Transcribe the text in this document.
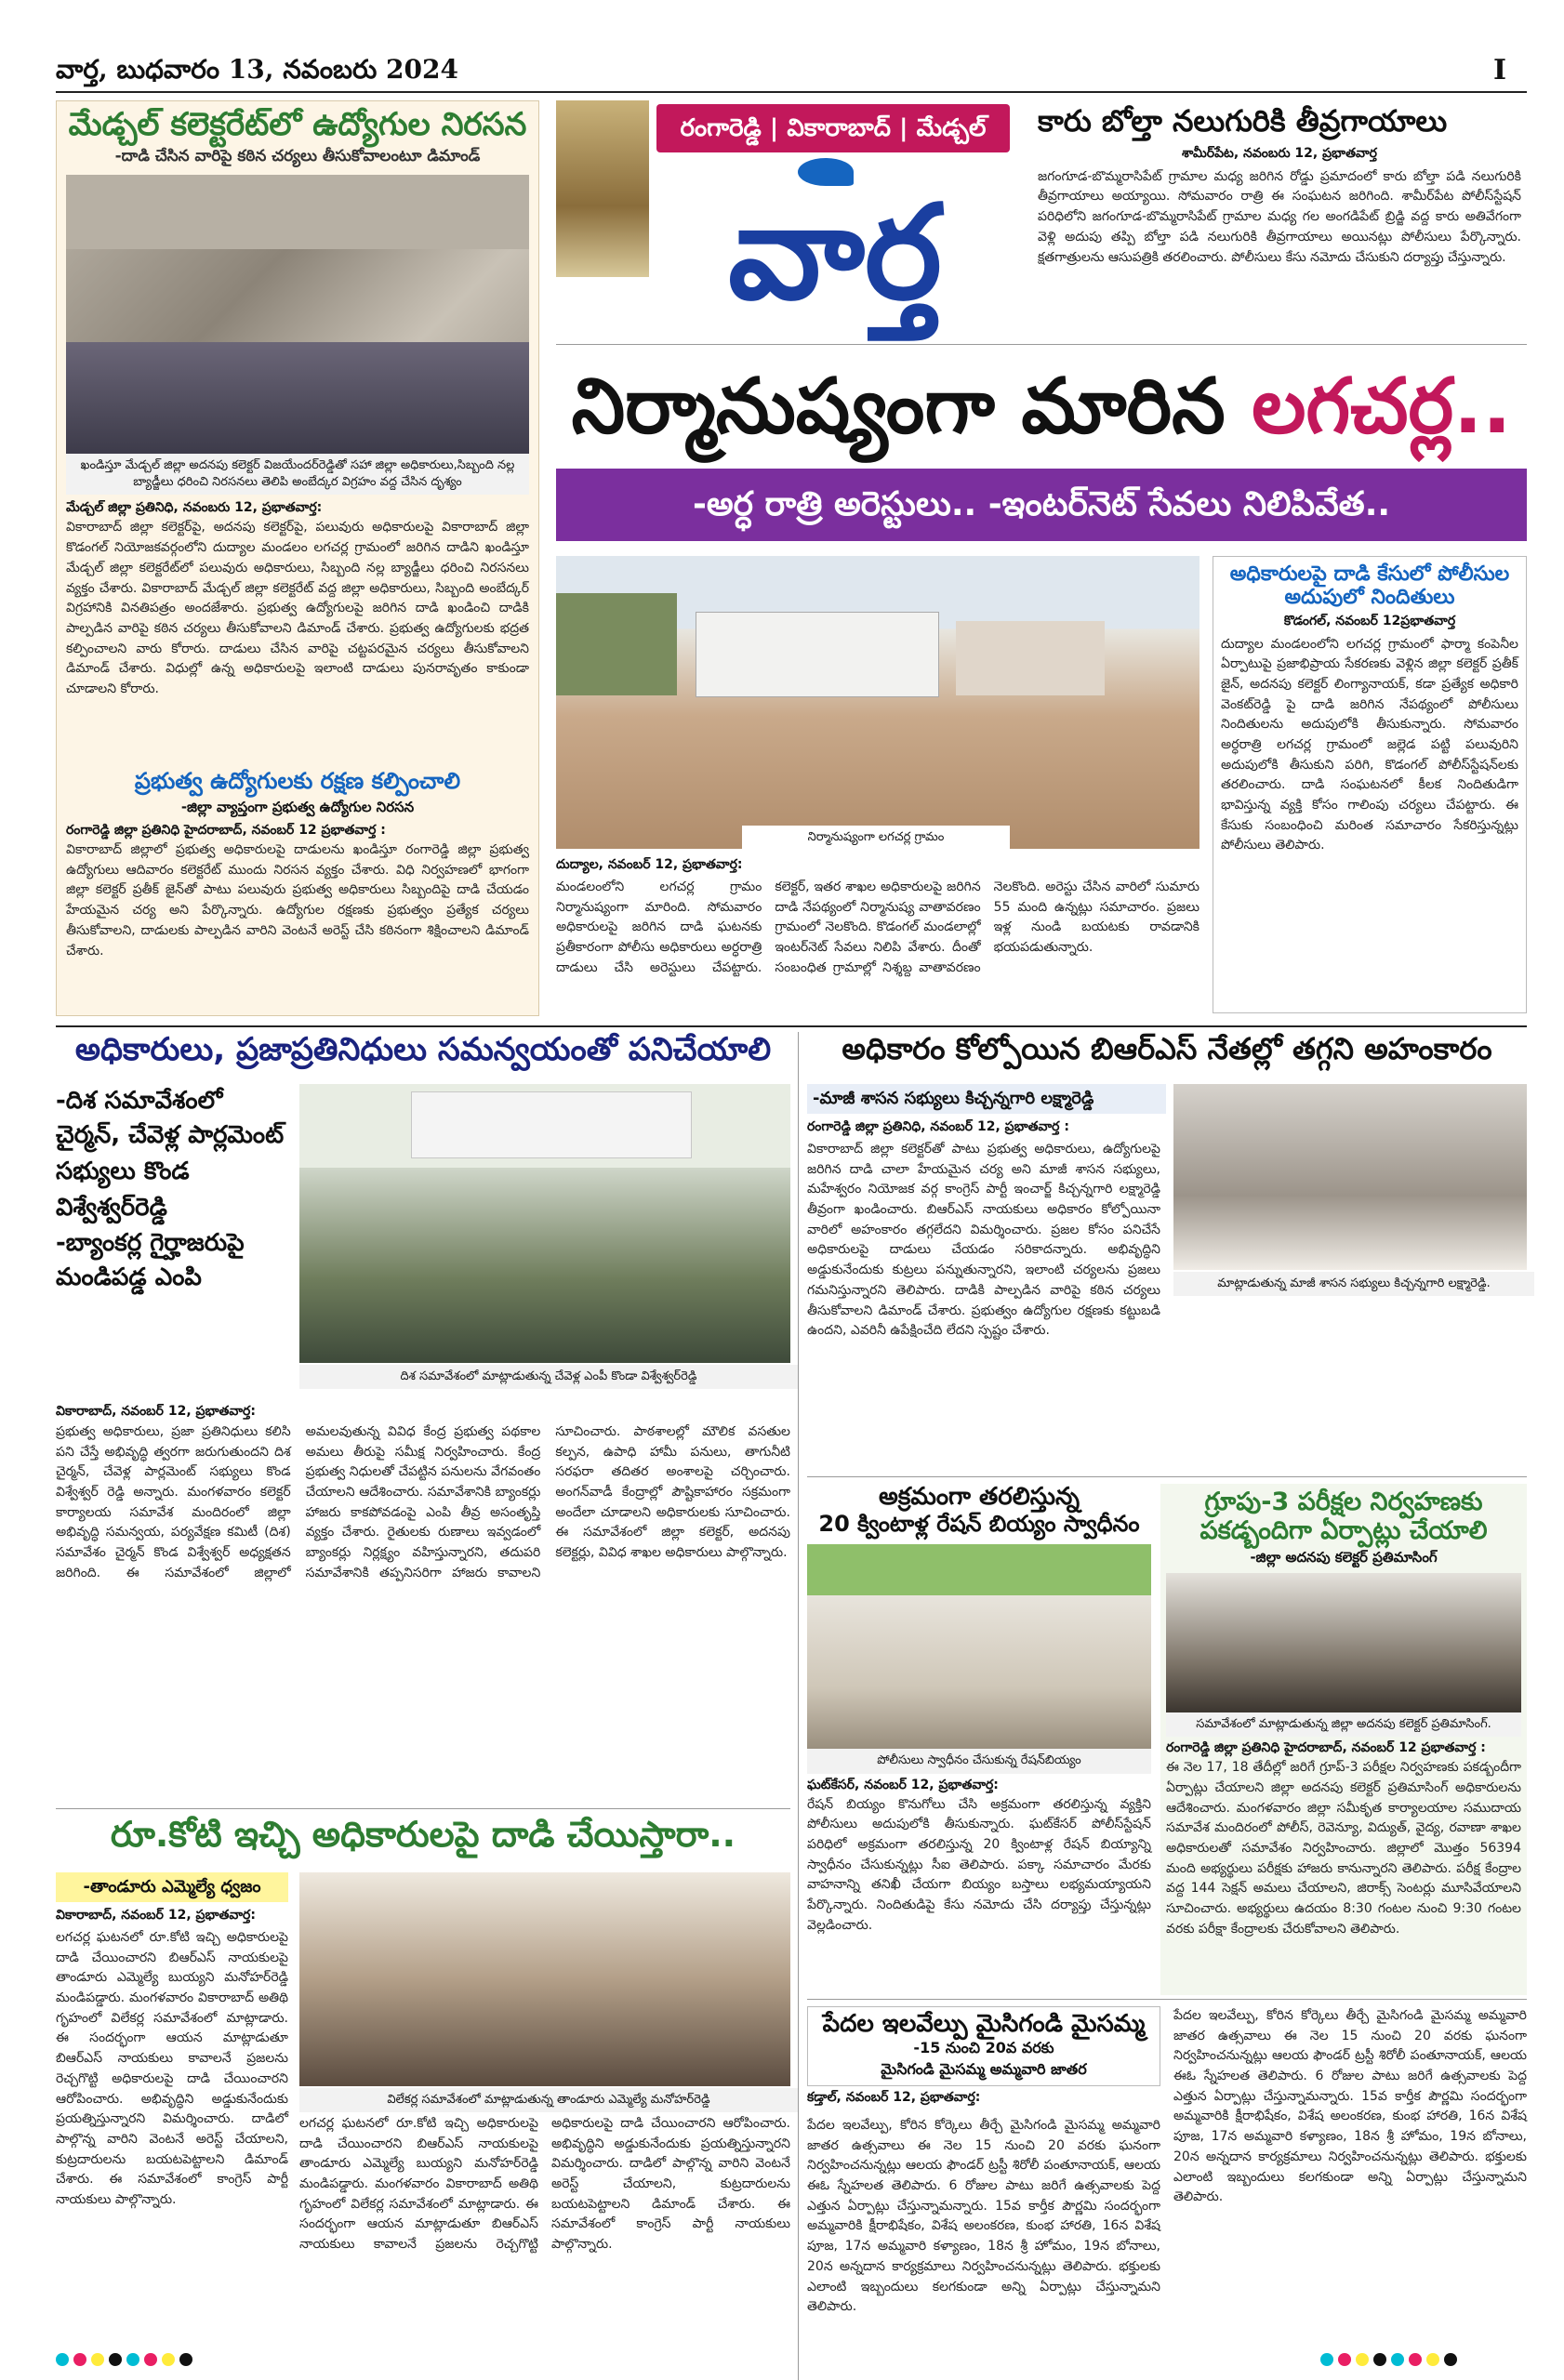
వార్త, బుధవారం 13, నవంబరు 2024	I
మేడ్చల్ కలెక్టరేట్‌లో ఉద్యోగుల నిరసన
-దాడి చేసిన వారిపై కఠిన చర్యలు తీసుకోవాలంటూ డిమాండ్
ఖండిస్తూ మేడ్చల్ జిల్లా అదనపు కలెక్టర్ విజయేందర్‌రెడ్డితో సహా జిల్లా అధికారులు,సిబ్బంది నల్ల బ్యాడ్జీలు ధరించి నిరసనలు తెలిపి అంబేద్కర విగ్రహం వద్ద చేసిన దృశ్యం
మేడ్చల్ జిల్లా ప్రతినిధి, నవంబరు 12, ప్రభాతవార్త:
వికారాబాద్ జిల్లా కలెక్టర్‌పై, అదనపు కలెక్టర్‌పై, పలువురు అధికారులపై వికారాబాద్ జిల్లా కొడంగల్ నియోజకవర్గంలోని దుద్యాల మండలం లగచర్ల గ్రామంలో జరిగిన దాడిని ఖండిస్తూ మేడ్చల్ జిల్లా కలెక్టరేట్‌లో పలువురు అధికారులు, సిబ్బంది నల్ల బ్యాడ్జీలు ధరించి నిరసనలు వ్యక్తం చేశారు. వికారాబాద్ మేడ్చల్ జిల్లా కలెక్టరేట్ వద్ద జిల్లా అధికారులు, సిబ్బంది అంబేద్కర్ విగ్రహానికి వినతిపత్రం అందజేశారు. ప్రభుత్వ ఉద్యోగులపై జరిగిన దాడి ఖండించి దాడికి పాల్పడిన వారిపై కఠిన చర్యలు తీసుకోవాలని డిమాండ్ చేశారు. ప్రభుత్వ ఉద్యోగులకు భద్రత కల్పించాలని వారు కోరారు. దాడులు చేసిన వారిపై చట్టపరమైన చర్యలు తీసుకోవాలని డిమాండ్ చేశారు. విధుల్లో ఉన్న అధికారులపై ఇలాంటి దాడులు పునరావృతం కాకుండా చూడాలని కోరారు.
ప్రభుత్వ ఉద్యోగులకు రక్షణ కల్పించాలి
-జిల్లా వ్యాప్తంగా ప్రభుత్వ ఉద్యోగుల నిరసన
రంగారెడ్డి జిల్లా ప్రతినిధి హైదరాబాద్, నవంబర్ 12 ప్రభాతవార్త :
వికారాబాద్ జిల్లాలో ప్రభుత్వ అధికారులపై దాడులను ఖండిస్తూ రంగారెడ్డి జిల్లా ప్రభుత్వ ఉద్యోగులు ఆదివారం కలెక్టరేట్ ముందు నిరసన వ్యక్తం చేశారు. విధి నిర్వహణలో భాగంగా జిల్లా కలెక్టర్ ప్రతీక్ జైన్‌తో పాటు పలువురు ప్రభుత్వ అధికారులు సిబ్బందిపై దాడి చేయడం హేయమైన చర్య అని పేర్కొన్నారు. ఉద్యోగుల రక్షణకు ప్రభుత్వం ప్రత్యేక చర్యలు తీసుకోవాలని, దాడులకు పాల్పడిన వారిని వెంటనే అరెస్ట్ చేసి కఠినంగా శిక్షించాలని డిమాండ్ చేశారు.
రంగారెడ్డి | వికారాబాద్ | మేడ్చల్
వార్త
కారు బోల్తా నలుగురికి తీవ్రగాయాలు
శామీర్‌పేట, నవంబరు 12, ప్రభాతవార్త
జగంగూడ-బొమ్మరాసిపేట్ గ్రామాల మధ్య జరిగిన రోడ్డు ప్రమాదంలో కారు బోల్తా పడి నలుగురికి తీవ్రగాయాలు అయ్యాయి. సోమవారం రాత్రి ఈ సంఘటన జరిగింది. శామీర్‌పేట పోలీస్‌స్టేషన్ పరిధిలోని జగంగూడ-బొమ్మరాసిపేట్ గ్రామాల మధ్య గల అంగడిపేట్ బ్రిడ్జి వద్ద కారు అతివేగంగా వెళ్లి అదుపు తప్పి బోల్తా పడి నలుగురికి తీవ్రగాయాలు అయినట్లు పోలీసులు పేర్కొన్నారు. క్షతగాత్రులను ఆసుపత్రికి తరలించారు. పోలీసులు కేసు నమోదు చేసుకుని దర్యాప్తు చేస్తున్నారు.
నిర్మానుష్యంగా మారిన లగచర్ల..
-అర్ధ రాత్రి అరెస్టులు.. -ఇంటర్‌నెట్ సేవలు నిలిపివేత..
నిర్మానుష్యంగా లగచర్ల గ్రామం
దుద్యాల, నవంబర్ 12, ప్రభాతవార్త:
మండలంలోని లగచర్ల గ్రామం నిర్మానుష్యంగా మారింది. సోమవారం అధికారులపై జరిగిన దాడి ఘటనకు ప్రతీకారంగా పోలీసు అధికారులు అర్ధరాత్రి దాడులు చేసి అరెస్టులు చేపట్టారు. కలెక్టర్, ఇతర శాఖల అధికారులపై జరిగిన దాడి నేపథ్యంలో నిర్మానుష్య వాతావరణం గ్రామంలో నెలకొంది. కొడంగల్ మండలాల్లో ఇంటర్‌నెట్ సేవలు నిలిపి వేశారు. దీంతో సంబంధిత గ్రామాల్లో నిశ్శబ్ద వాతావరణం నెలకొంది. అరెస్టు చేసిన వారిలో సుమారు 55 మంది ఉన్నట్లు సమాచారం. ప్రజలు ఇళ్ల నుండి బయటకు రావడానికి భయపడుతున్నారు.
అధికారులపై దాడి కేసులో పోలీసుల అదుపులో నిందితులు
కొడంగల్, నవంబర్ 12ప్రభాతవార్త
దుద్యాల మండలంలోని లగచర్ల గ్రామంలో ఫార్మా కంపెనీల ఏర్పాటుపై ప్రజాభిప్రాయ సేకరణకు వెళ్లిన జిల్లా కలెక్టర్ ప్రతీక్ జైన్, అదనపు కలెక్టర్ లింగ్యానాయక్, కడా ప్రత్యేక అధికారి వెంకట్‌రెడ్డి పై దాడి జరిగిన నేపథ్యంలో పోలీసులు నిందితులను అదుపులోకి తీసుకున్నారు. సోమవారం అర్ధరాత్రి లగచర్ల గ్రామంలో జల్లెడ పట్టి పలువురిని అదుపులోకి తీసుకుని పరిగి, కొడంగల్ పోలీస్‌స్టేషన్‌లకు తరలించారు. దాడి సంఘటనలో కీలక నిందితుడిగా భావిస్తున్న వ్యక్తి కోసం గాలింపు చర్యలు చేపట్టారు. ఈ కేసుకు సంబంధించి మరింత సమాచారం సేకరిస్తున్నట్లు పోలీసులు తెలిపారు.
అధికారులు, ప్రజాప్రతినిధులు సమన్వయంతో పనిచేయాలి
-దిశ సమావేశంలో
చైర్మన్, చేవెళ్ల పార్లమెంట్ సభ్యులు కొండ విశ్వేశ్వర్‌రెడ్డి
-బ్యాంకర్ల గైర్హాజరుపై మండిపడ్డ ఎంపి
దిశ సమావేశంలో మాట్లాడుతున్న చేవెళ్ల ఎంపీ కొండా విశ్వేశ్వర్‌రెడ్డి
వికారాబాద్, నవంబర్ 12, ప్రభాతవార్త:
ప్రభుత్వ అధికారులు, ప్రజా ప్రతినిధులు కలిసి పని చేస్తే అభివృద్ధి త్వరగా జరుగుతుందని దిశ చైర్మన్, చేవెళ్ల పార్లమెంట్ సభ్యులు కొండ విశ్వేశ్వర్ రెడ్డి అన్నారు. మంగళవారం కలెక్టర్ కార్యాలయ సమావేశ మందిరంలో జిల్లా అభివృద్ధి సమన్వయ, పర్యవేక్షణ కమిటీ (దిశ) సమావేశం చైర్మన్ కొండ విశ్వేశ్వర్ అధ్యక్షతన జరిగింది. ఈ సమావేశంలో జిల్లాలో అమలవుతున్న వివిధ కేంద్ర ప్రభుత్వ పథకాల అమలు తీరుపై సమీక్ష నిర్వహించారు. కేంద్ర ప్రభుత్వ నిధులతో చేపట్టిన పనులను వేగవంతం చేయాలని ఆదేశించారు. సమావేశానికి బ్యాంకర్లు హాజరు కాకపోవడంపై ఎంపి తీవ్ర అసంతృప్తి వ్యక్తం చేశారు. రైతులకు రుణాలు ఇవ్వడంలో బ్యాంకర్లు నిర్లక్ష్యం వహిస్తున్నారని, తదుపరి సమావేశానికి తప్పనిసరిగా హాజరు కావాలని సూచించారు. పాఠశాలల్లో మౌలిక వసతుల కల్పన, ఉపాధి హామీ పనులు, తాగునీటి సరఫరా తదితర అంశాలపై చర్చించారు. అంగన్‌వాడీ కేంద్రాల్లో పౌష్టికాహారం సక్రమంగా అందేలా చూడాలని అధికారులకు సూచించారు. ఈ సమావేశంలో జిల్లా కలెక్టర్, అదనపు కలెక్టర్లు, వివిధ శాఖల అధికారులు పాల్గొన్నారు.
అధికారం కోల్పోయిన బిఆర్ఎస్ నేతల్లో తగ్గని అహంకారం
-మాజీ శాసన సభ్యులు కిచ్చన్నగారి లక్ష్మారెడ్డి
రంగారెడ్డి జిల్లా ప్రతినిధి, నవంబర్ 12, ప్రభాతవార్త :
వికారాబాద్ జిల్లా కలెక్టర్‌తో పాటు ప్రభుత్వ అధికారులు, ఉద్యోగులపై జరిగిన దాడి చాలా హేయమైన చర్య అని మాజీ శాసన సభ్యులు, మహేశ్వరం నియోజక వర్గ కాంగ్రెస్ పార్టీ ఇంచార్జ్ కిచ్చన్నగారి లక్ష్మారెడ్డి తీవ్రంగా ఖండించారు. బిఆర్ఎస్ నాయకులు అధికారం కోల్పోయినా వారిలో అహంకారం తగ్గలేదని విమర్శించారు. ప్రజల కోసం పనిచేసే అధికారులపై దాడులు చేయడం సరికాదన్నారు. అభివృద్ధిని అడ్డుకునేందుకు కుట్రలు పన్నుతున్నారని, ఇలాంటి చర్యలను ప్రజలు గమనిస్తున్నారని తెలిపారు. దాడికి పాల్పడిన వారిపై కఠిన చర్యలు తీసుకోవాలని డిమాండ్ చేశారు. ప్రభుత్వం ఉద్యోగుల రక్షణకు కట్టుబడి ఉందని, ఎవరినీ ఉపేక్షించేది లేదని స్పష్టం చేశారు.
మాట్లాడుతున్న మాజీ శాసన సభ్యులు కిచ్చన్నగారి లక్ష్మారెడ్డి.
అక్రమంగా తరలిస్తున్న
20 క్వింటాళ్ల రేషన్ బియ్యం స్వాధీనం
పోలీసులు స్వాధీనం చేసుకున్న రేషన్‌బియ్యం
ఘట్‌కేసర్, నవంబర్ 12, ప్రభాతవార్త:
రేషన్ బియ్యం కొనుగోలు చేసి అక్రమంగా తరలిస్తున్న వ్యక్తిని పోలీసులు అదుపులోకి తీసుకున్నారు. ఘట్‌కేసర్ పోలీస్‌స్టేషన్ పరిధిలో అక్రమంగా తరలిస్తున్న 20 క్వింటాళ్ల రేషన్ బియ్యాన్ని స్వాధీనం చేసుకున్నట్లు సీఐ తెలిపారు. పక్కా సమాచారం మేరకు వాహనాన్ని తనిఖీ చేయగా బియ్యం బస్తాలు లభ్యమయ్యాయని పేర్కొన్నారు. నిందితుడిపై కేసు నమోదు చేసి దర్యాప్తు చేస్తున్నట్లు వెల్లడించారు.
గ్రూపు-3 పరీక్షల నిర్వహణకు
పకడ్బందిగా ఏర్పాట్లు చేయాలి
-జిల్లా అదనపు కలెక్టర్ ప్రతిమాసింగ్
సమావేశంలో మాట్లాడుతున్న జిల్లా అదనపు కలెక్టర్ ప్రతిమాసింగ్.
రంగారెడ్డి జిల్లా ప్రతినిధి హైదరాబాద్, నవంబర్ 12 ప్రభాతవార్త :
ఈ నెల 17, 18 తేదీల్లో జరిగే గ్రూప్-3 పరీక్షల నిర్వహణకు పకడ్బందీగా ఏర్పాట్లు చేయాలని జిల్లా అదనపు కలెక్టర్ ప్రతిమాసింగ్ అధికారులను ఆదేశించారు. మంగళవారం జిల్లా సమీకృత కార్యాలయాల సముదాయ సమావేశ మందిరంలో పోలీస్, రెవెన్యూ, విద్యుత్, వైద్య, రవాణా శాఖల అధికారులతో సమావేశం నిర్వహించారు. జిల్లాలో మొత్తం 56394 మంది అభ్యర్థులు పరీక్షకు హాజరు కానున్నారని తెలిపారు. పరీక్ష కేంద్రాల వద్ద 144 సెక్షన్ అమలు చేయాలని, జిరాక్స్ సెంటర్లు మూసివేయాలని సూచించారు. అభ్యర్థులు ఉదయం 8:30 గంటల నుంచి 9:30 గంటల వరకు పరీక్షా కేంద్రాలకు చేరుకోవాలని తెలిపారు.
రూ.కోటి ఇచ్చి అధికారులపై దాడి చేయిస్తారా..
-తాండూరు ఎమ్మెల్యే ధ్వజం
వికారాబాద్, నవంబర్ 12, ప్రభాతవార్త:
లగచర్ల ఘటనలో రూ.కోటి ఇచ్చి అధికారులపై దాడి చేయించారని బిఆర్ఎస్ నాయకులపై తాండూరు ఎమ్మెల్యే బుయ్యని మనోహర్‌రెడ్డి మండిపడ్డారు. మంగళవారం వికారాబాద్ అతిథి గృహంలో విలేకర్ల సమావేశంలో మాట్లాడారు. ఈ సందర్భంగా ఆయన మాట్లాడుతూ బిఆర్ఎస్ నాయకులు కావాలనే ప్రజలను రెచ్చగొట్టి అధికారులపై దాడి చేయించారని ఆరోపించారు. అభివృద్ధిని అడ్డుకునేందుకు ప్రయత్నిస్తున్నారని విమర్శించారు. దాడిలో పాల్గొన్న వారిని వెంటనే అరెస్ట్ చేయాలని, కుట్రదారులను బయటపెట్టాలని డిమాండ్ చేశారు. ఈ సమావేశంలో కాంగ్రెస్ పార్టీ నాయకులు పాల్గొన్నారు.
విలేకర్ల సమావేశంలో మాట్లాడుతున్న తాండూరు ఎమ్మెల్యే మనోహర్‌రెడ్డి
లగచర్ల ఘటనలో రూ.కోటి ఇచ్చి అధికారులపై దాడి చేయించారని బిఆర్ఎస్ నాయకులపై తాండూరు ఎమ్మెల్యే బుయ్యని మనోహర్‌రెడ్డి మండిపడ్డారు. మంగళవారం వికారాబాద్ అతిథి గృహంలో విలేకర్ల సమావేశంలో మాట్లాడారు. ఈ సందర్భంగా ఆయన మాట్లాడుతూ బిఆర్ఎస్ నాయకులు కావాలనే ప్రజలను రెచ్చగొట్టి అధికారులపై దాడి చేయించారని ఆరోపించారు. అభివృద్ధిని అడ్డుకునేందుకు ప్రయత్నిస్తున్నారని విమర్శించారు. దాడిలో పాల్గొన్న వారిని వెంటనే అరెస్ట్ చేయాలని, కుట్రదారులను బయటపెట్టాలని డిమాండ్ చేశారు. ఈ సమావేశంలో కాంగ్రెస్ పార్టీ నాయకులు పాల్గొన్నారు.
పేదల ఇలవేల్పు మైసిగండి మైసమ్మ
-15 నుంచి 20వ వరకు
మైసిగండి మైసమ్మ అమ్మవారి జాతర
కడ్తాల్, నవంబర్ 12, ప్రభాతవార్త:
పేదల ఇలవేల్పు, కోరిన కోర్కెలు తీర్చే మైసిగండి మైసమ్మ అమ్మవారి జాతర ఉత్సవాలు ఈ నెల 15 నుంచి 20 వరకు ఘనంగా నిర్వహించనున్నట్లు ఆలయ ఫౌండర్ ట్రస్టీ శిరోలీ పంతూనాయక్, ఆలయ ఈఓ స్నేహలత తెలిపారు. 6 రోజుల పాటు జరిగే ఉత్సవాలకు పెద్ద ఎత్తున ఏర్పాట్లు చేస్తున్నామన్నారు. 15వ కార్తీక పౌర్ణమి సందర్భంగా అమ్మవారికి క్షీరాభిషేకం, విశేష అలంకరణ, కుంభ హారతి, 16న విశేష పూజ, 17న అమ్మవారి కళ్యాణం, 18న శ్రీ హోమం, 19న బోనాలు, 20న అన్నదాన కార్యక్రమాలు నిర్వహించనున్నట్లు తెలిపారు. భక్తులకు ఎలాంటి ఇబ్బందులు కలగకుండా అన్ని ఏర్పాట్లు చేస్తున్నామని తెలిపారు.
పేదల ఇలవేల్పు, కోరిన కోర్కెలు తీర్చే మైసిగండి మైసమ్మ అమ్మవారి జాతర ఉత్సవాలు ఈ నెల 15 నుంచి 20 వరకు ఘనంగా నిర్వహించనున్నట్లు ఆలయ ఫౌండర్ ట్రస్టీ శిరోలీ పంతూనాయక్, ఆలయ ఈఓ స్నేహలత తెలిపారు. 6 రోజుల పాటు జరిగే ఉత్సవాలకు పెద్ద ఎత్తున ఏర్పాట్లు చేస్తున్నామన్నారు. 15వ కార్తీక పౌర్ణమి సందర్భంగా అమ్మవారికి క్షీరాభిషేకం, విశేష అలంకరణ, కుంభ హారతి, 16న విశేష పూజ, 17న అమ్మవారి కళ్యాణం, 18న శ్రీ హోమం, 19న బోనాలు, 20న అన్నదాన కార్యక్రమాలు నిర్వహించనున్నట్లు తెలిపారు. భక్తులకు ఎలాంటి ఇబ్బందులు కలగకుండా అన్ని ఏర్పాట్లు చేస్తున్నామని తెలిపారు.
